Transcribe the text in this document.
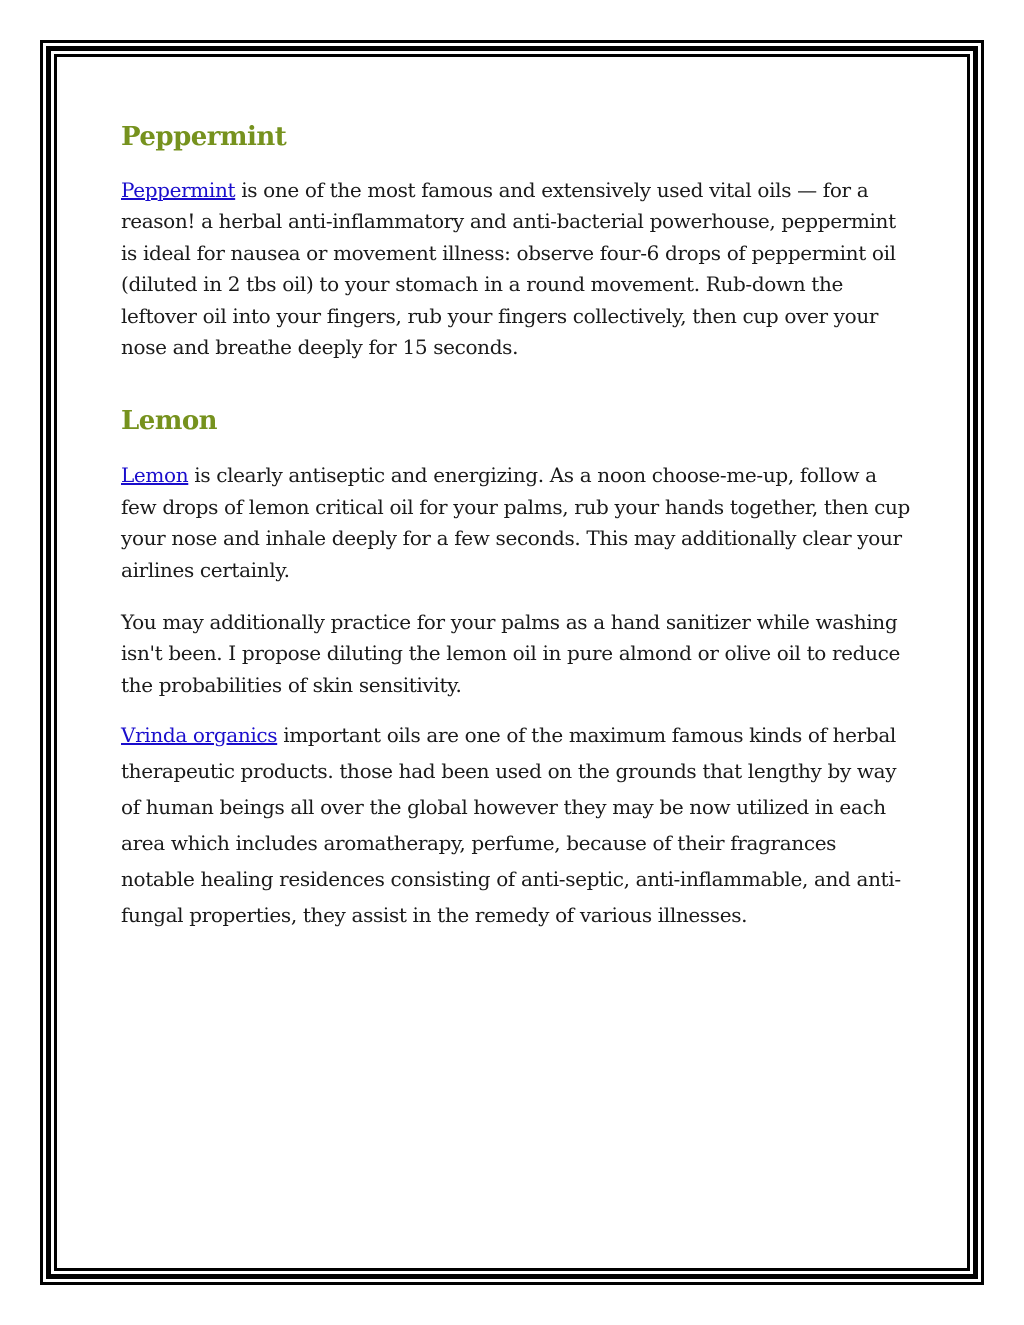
Peppermint

Peppermint is one of the most famous and extensively used vital oils — for a reason! a herbal anti-inflammatory and anti-bacterial powerhouse, peppermint is ideal for nausea or movement illness: observe four-6 drops of peppermint oil (diluted in 2 tbs oil) to your stomach in a round movement. Rub-down the leftover oil into your fingers, rub your fingers collectively, then cup over your nose and breathe deeply for 15 seconds.

Lemon

Lemon is clearly antiseptic and energizing. As a noon choose-me-up, follow a few drops of lemon critical oil for your palms, rub your hands together, then cup your nose and inhale deeply for a few seconds. This may additionally clear your airlines certainly.

You may additionally practice for your palms as a hand sanitizer while washing isn't been. I propose diluting the lemon oil in pure almond or olive oil to reduce the probabilities of skin sensitivity.

Vrinda organics important oils are one of the maximum famous kinds of herbal therapeutic products. those had been used on the grounds that lengthy by way of human beings all over the global however they may be now utilized in each area which includes aromatherapy, perfume, because of their fragrances notable healing residences consisting of anti-septic, anti-inflammable, and anti-fungal properties, they assist in the remedy of various illnesses.
